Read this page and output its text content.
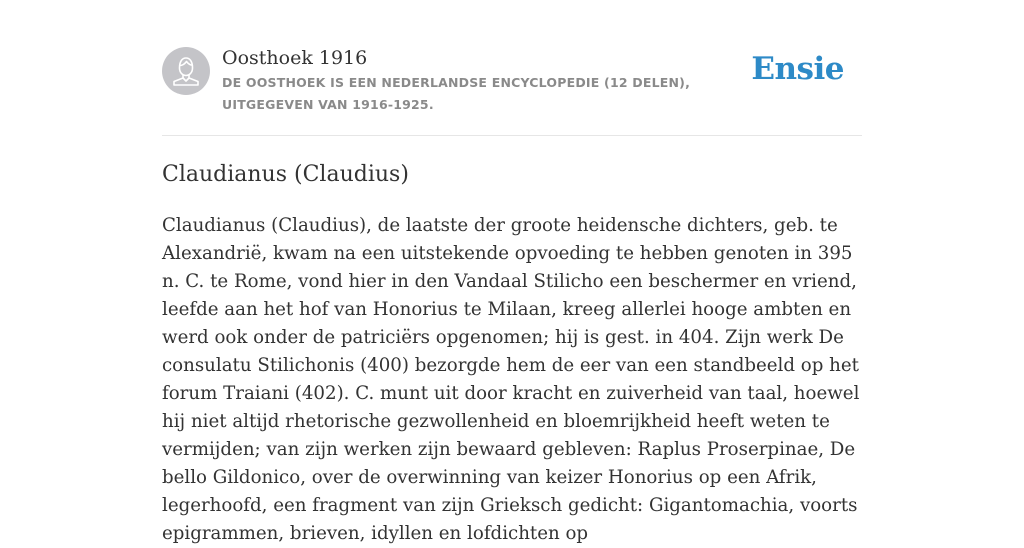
Oosthoek 1916
DE OOSTHOEK IS EEN NEDERLANDSE ENCYCLOPEDIE (12 DELEN), UITGEGEVEN VAN 1916-1925.
Ensie
Claudianus (Claudius)

Claudianus (Claudius), de laatste der groote heidensche dichters, geb. te Alexandrië, kwam na een uitstekende opvoeding te hebben genoten in 395 n. C. te Rome, vond hier in den Vandaal Stilicho een beschermer en vriend, leefde aan het hof van Honorius te Milaan, kreeg allerlei hooge ambten en werd ook onder de patriciërs opgenomen; hij is gest. in 404. Zijn werk De consulatu Stilichonis (400) bezorgde hem de eer van een standbeeld op het forum Traiani (402). C. munt uit door kracht en zuiverheid van taal, hoewel hij niet altijd rhetorische gezwollenheid en bloemrijkheid heeft weten te vermijden; van zijn werken zijn bewaard gebleven: Raplus Proserpinae, De bello Gildonico, over de overwinning van keizer Honorius op een Afrik, legerhoofd, een fragment van zijn Grieksch gedicht: Gigantomachia, voorts epigrammen, brieven, idyllen en lofdichten op
